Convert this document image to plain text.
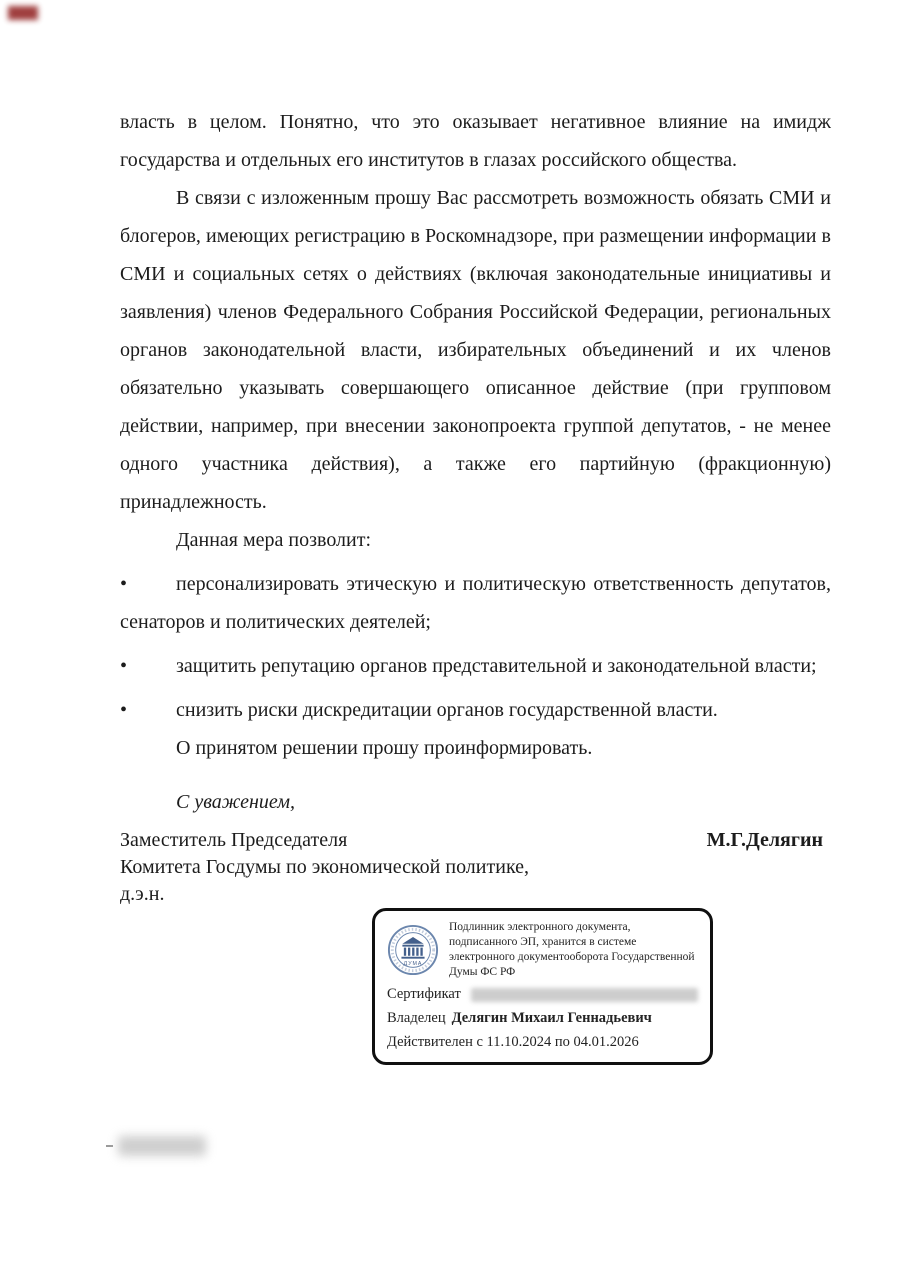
власть в целом. Понятно, что это оказывает негативное влияние на имидж государства и отдельных его институтов в глазах российского общества.

В связи с изложенным прошу Вас рассмотреть возможность обязать СМИ и блогеров, имеющих регистрацию в Роскомнадзоре, при размещении информации в СМИ и социальных сетях о действиях (включая законодательные инициативы и заявления) членов Федерального Собрания Российской Федерации, региональных органов законодательной власти, избирательных объединений и их членов обязательно указывать совершающего описанное действие (при групповом действии, например, при внесении законопроекта группой депутатов, - не менее одного участника действия), а также его партийную (фракционную) принадлежность.

Данная мера позволит:

• персонализировать этическую и политическую ответственность депутатов, сенаторов и политических деятелей;

• защитить репутацию органов представительной и законодательной власти;

• снизить риски дискредитации органов государственной власти.

О принятом решении прошу проинформировать.

С уважением,

Заместитель Председателя
Комитета Госдумы по экономической политике,
д.э.н.
М.Г.Делягин
ДУМА
Подлинник электронного документа, подписанного ЭП, хранится в системе электронного документооборота Государственной Думы ФС РФ
Сертификат
Владелец Делягин Михаил Геннадьевич
Действителен с 11.10.2024 по 04.01.2026
